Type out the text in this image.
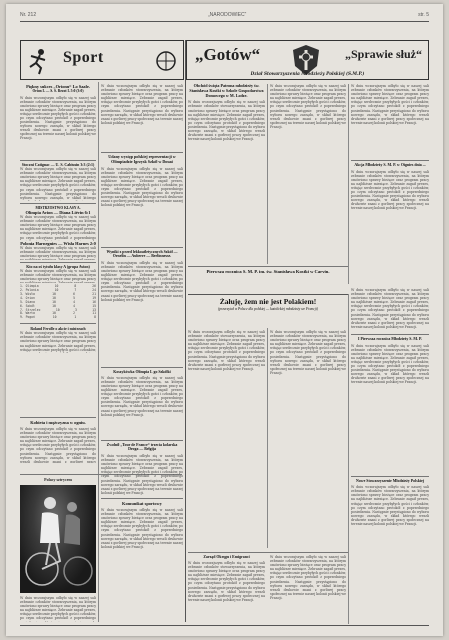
Nr. 212	„NARODOWIEC“	str. 5
Sport	„Gotów“	„Sprawie służ“
Dział Stowarzyszenia Młodzieży Polskiej (S.M.P.)
Piękny sukces „Orionu“ Lo Saale.
Orion I. — S. S. Rezot I. 5:0 (3:0)
W dniu wczorajszym odbyło się w naszej sali zebranie członków stowarzyszenia, na którym omówiono sprawy bieżące oraz program pracy na najbliższe miesiące. Zebranie zagaił prezes, witając serdecznie przybyłych gości i członków, po czym odczytano protokół z poprzedniego posiedzenia. Następnie przystąpiono do wyboru nowego zarządu, w skład którego weszli druhowie znani z gorliwej pracy społecznej na terenie naszej kolonii polskiej we Francji.
Stoczni Catignac — U. S. Cabiusin 3:3 (2:1)
W dniu wczorajszym odbyło się w naszej sali zebranie członków stowarzyszenia, na którym omówiono sprawy bieżące oraz program pracy na najbliższe miesiące. Zebranie zagaił prezes, witając serdecznie przybyłych gości i członków, po czym odczytano protokół z poprzedniego posiedzenia. Następnie przystąpiono do wyboru nowego zarządu, w skład którego
MISTRZOSTWO KLASY A.
Olimpia Avion — Diana Liévin 6:1
W dniu wczorajszym odbyło się w naszej sali zebranie członków stowarzyszenia, na którym omówiono sprawy bieżące oraz program pracy na najbliższe miesiące. Zebranie zagaił prezes, witając serdecznie przybyłych gości i członków, po czym odczytano protokół z poprzedniego
Polonia Harnegnies — Wisła Harnes 2:0
W dniu wczorajszym odbyło się w naszej sali zebranie członków stowarzyszenia, na którym omówiono sprawy bieżące oraz program pracy
Kto na oś tytułu klasy A (grupa Avion)
W dniu wczorajszym odbyło się w naszej sali zebranie członków stowarzyszenia, na którym omówiono sprawy bieżące oraz program pracy
1. Olimpia	10	8	26
2. Polonia	10	7	24
3. Wisła	10	6	21
4. Orion	10	5	19
5. Diana	10	4	16
6. Sokół	10	4	15
7. Strzelec	10	3	13
8. Warta	10	2	11
9. Pogoń	10	1	8
Roland Ferolle o akcie i mistrzach
W dniu wczorajszym odbyło się w naszej sali zebranie członków stowarzyszenia, na którym omówiono sprawy bieżące oraz program pracy na najbliższe miesiące. Zebranie zagaił prezes, witając serdecznie przybyłych gości i członków,
Kobieta i mężczyzna w ogniu.
W dniu wczorajszym odbyło się w naszej sali zebranie członków stowarzyszenia, na którym omówiono sprawy bieżące oraz program pracy na najbliższe miesiące. Zebranie zagaił prezes, witając serdecznie przybyłych gości i członków, po czym odczytano protokół z poprzedniego posiedzenia. Następnie przystąpiono do wyboru nowego zarządu, w skład którego weszli druhowie znani z gorliwej pracy
Polacy sztrycem
W dniu wczorajszym odbyło się w naszej sali zebranie członków stowarzyszenia, na którym omówiono sprawy bieżące oraz program pracy na najbliższe miesiące. Zebranie zagaił prezes, witając serdecznie przybyłych gości i członków, po czym odczytano protokół z poprzedniego
W dniu wczorajszym odbyło się w naszej sali zebranie członków stowarzyszenia, na którym omówiono sprawy bieżące oraz program pracy na najbliższe miesiące. Zebranie zagaił prezes, witając serdecznie przybyłych gości i członków, po czym odczytano protokół z poprzedniego posiedzenia. Następnie przystąpiono do wyboru nowego zarządu, w skład którego weszli druhowie znani z gorliwej pracy społecznej na terenie naszej kolonii polskiej we Francji.
Udany występ polskiej reprezentacji w Olimpiadzie Igrzysk Szkół w Douai
W dniu wczorajszym odbyło się w naszej sali zebranie członków stowarzyszenia, na którym omówiono sprawy bieżące oraz program pracy na najbliższe miesiące. Zebranie zagaił prezes, witając serdecznie przybyłych gości i członków, po czym odczytano protokół z poprzedniego posiedzenia. Następnie przystąpiono do wyboru nowego zarządu, w skład którego weszli druhowie znani z gorliwej pracy społecznej na terenie naszej kolonii polskiej we Francji.
Wyniki z przed lekkoatletycznych Szkół — Ornelin — Auberre — Berlinnesse.
W dniu wczorajszym odbyło się w naszej sali zebranie członków stowarzyszenia, na którym omówiono sprawy bieżące oraz program pracy na najbliższe miesiące. Zebranie zagaił prezes, witając serdecznie przybyłych gości i członków, po czym odczytano protokół z poprzedniego posiedzenia. Następnie przystąpiono do wyboru nowego zarządu, w skład którego weszli druhowie znani z gorliwej pracy społecznej na terenie naszej kolonii polskiej we Francji.
Koszykówka Olimpia I. go Szkółki
W dniu wczorajszym odbyło się w naszej sali zebranie członków stowarzyszenia, na którym omówiono sprawy bieżące oraz program pracy na najbliższe miesiące. Zebranie zagaił prezes, witając serdecznie przybyłych gości i członków, po czym odczytano protokół z poprzedniego posiedzenia. Następnie przystąpiono do wyboru nowego zarządu, w skład którego weszli druhowie znani z gorliwej pracy społecznej na terenie naszej kolonii polskiej we Francji.
Zwolnił „Tour de France“ trzecia kolarska Droga — Belgija
W dniu wczorajszym odbyło się w naszej sali zebranie członków stowarzyszenia, na którym omówiono sprawy bieżące oraz program pracy na najbliższe miesiące. Zebranie zagaił prezes, witając serdecznie przybyłych gości i członków, po czym odczytano protokół z poprzedniego posiedzenia. Następnie przystąpiono do wyboru nowego zarządu, w skład którego weszli druhowie znani z gorliwej pracy społecznej na terenie naszej kolonii polskiej we Francji.
Komunikat sportowy
W dniu wczorajszym odbyło się w naszej sali zebranie członków stowarzyszenia, na którym omówiono sprawy bieżące oraz program pracy na najbliższe miesiące. Zebranie zagaił prezes, witając serdecznie przybyłych gości i członków, po czym odczytano protokół z poprzedniego posiedzenia. Następnie przystąpiono do wyboru nowego zarządu, w skład którego weszli druhowie znani z gorliwej pracy społecznej na terenie naszej kolonii polskiej we Francji.
Obchód święta Patrona młodzieży św. Stanisława Kostki w Szkole Gospodarstwa Domowego w M. Lodze.
W dniu wczorajszym odbyło się w naszej sali zebranie członków stowarzyszenia, na którym omówiono sprawy bieżące oraz program pracy na najbliższe miesiące. Zebranie zagaił prezes, witając serdecznie przybyłych gości i członków, po czym odczytano protokół z poprzedniego posiedzenia. Następnie przystąpiono do wyboru nowego zarządu, w skład którego weszli druhowie znani z gorliwej pracy społecznej na terenie naszej kolonii polskiej we Francji.
W dniu wczorajszym odbyło się w naszej sali zebranie członków stowarzyszenia, na którym omówiono sprawy bieżące oraz program pracy na najbliższe miesiące. Zebranie zagaił prezes, witając serdecznie przybyłych gości i członków, po czym odczytano protokół z poprzedniego posiedzenia. Następnie przystąpiono do wyboru nowego zarządu, w skład którego weszli druhowie znani z gorliwej pracy społecznej na terenie naszej kolonii polskiej we Francji.
W dniu wczorajszym odbyło się w naszej sali zebranie członków stowarzyszenia, na którym omówiono sprawy bieżące oraz program pracy na najbliższe miesiące. Zebranie zagaił prezes, witając serdecznie przybyłych gości i członków, po czym odczytano protokół z poprzedniego posiedzenia. Następnie przystąpiono do wyboru nowego zarządu, w skład którego weszli druhowie znani z gorliwej pracy społecznej na terenie naszej kolonii polskiej we Francji.
Akcja Młodzieży S. M. P. w Oignies dnia ...
W dniu wczorajszym odbyło się w naszej sali zebranie członków stowarzyszenia, na którym omówiono sprawy bieżące oraz program pracy na najbliższe miesiące. Zebranie zagaił prezes, witając serdecznie przybyłych gości i członków, po czym odczytano protokół z poprzedniego posiedzenia. Następnie przystąpiono do wyboru nowego zarządu, w skład którego weszli druhowie znani z gorliwej pracy społecznej na terenie naszej kolonii polskiej we Francji.
Pierwsza rocznica S. M. P. im. św. Stanisława Kostki w Carvin.
Żałuję, żem nie jest Polakiem!
(przeczytał w Polsce dla polskiej — katolickiej młodzieży we Francji)
W dniu wczorajszym odbyło się w naszej sali zebranie członków stowarzyszenia, na którym omówiono sprawy bieżące oraz program pracy na najbliższe miesiące. Zebranie zagaił prezes, witając serdecznie przybyłych gości i członków, po czym odczytano protokół z poprzedniego posiedzenia. Następnie przystąpiono do wyboru nowego zarządu, w skład którego weszli druhowie znani z gorliwej pracy społecznej na terenie naszej kolonii polskiej we Francji.
W dniu wczorajszym odbyło się w naszej sali zebranie członków stowarzyszenia, na którym omówiono sprawy bieżące oraz program pracy na najbliższe miesiące. Zebranie zagaił prezes, witając serdecznie przybyłych gości i członków, po czym odczytano protokół z poprzedniego posiedzenia. Następnie przystąpiono do wyboru nowego zarządu, w skład którego weszli druhowie znani z gorliwej pracy społecznej na terenie naszej kolonii polskiej we Francji.
W dniu wczorajszym odbyło się w naszej sali zebranie członków stowarzyszenia, na którym omówiono sprawy bieżące oraz program pracy na najbliższe miesiące. Zebranie zagaił prezes, witając serdecznie przybyłych gości i członków, po czym odczytano protokół z poprzedniego posiedzenia. Następnie przystąpiono do wyboru nowego zarządu, w skład którego weszli druhowie znani z gorliwej pracy społecznej na terenie naszej kolonii polskiej we Francji.
I Pierwsza rocznica Młodzieży S. M. P.
W dniu wczorajszym odbyło się w naszej sali zebranie członków stowarzyszenia, na którym omówiono sprawy bieżące oraz program pracy na najbliższe miesiące. Zebranie zagaił prezes, witając serdecznie przybyłych gości i członków, po czym odczytano protokół z poprzedniego posiedzenia. Następnie przystąpiono do wyboru nowego zarządu, w skład którego weszli druhowie znani z gorliwej pracy społecznej na terenie naszej kolonii polskiej we Francji.
Nowe Stowarzyszenie Młodzieży Polskiej
W dniu wczorajszym odbyło się w naszej sali zebranie członków stowarzyszenia, na którym omówiono sprawy bieżące oraz program pracy na najbliższe miesiące. Zebranie zagaił prezes, witając serdecznie przybyłych gości i członków, po czym odczytano protokół z poprzedniego posiedzenia. Następnie przystąpiono do wyboru nowego zarządu, w skład którego weszli druhowie znani z gorliwej pracy społecznej na terenie naszej kolonii polskiej we Francji.
Zarząd Okręgu i Emigranci
W dniu wczorajszym odbyło się w naszej sali zebranie członków stowarzyszenia, na którym omówiono sprawy bieżące oraz program pracy na najbliższe miesiące. Zebranie zagaił prezes, witając serdecznie przybyłych gości i członków, po czym odczytano protokół z poprzedniego posiedzenia. Następnie przystąpiono do wyboru nowego zarządu, w skład którego weszli druhowie znani z gorliwej pracy społecznej na terenie naszej kolonii polskiej we Francji.
W dniu wczorajszym odbyło się w naszej sali zebranie członków stowarzyszenia, na którym omówiono sprawy bieżące oraz program pracy na najbliższe miesiące. Zebranie zagaił prezes, witając serdecznie przybyłych gości i członków, po czym odczytano protokół z poprzedniego posiedzenia. Następnie przystąpiono do wyboru nowego zarządu, w skład którego weszli druhowie znani z gorliwej pracy społecznej na terenie naszej kolonii polskiej we Francji.
